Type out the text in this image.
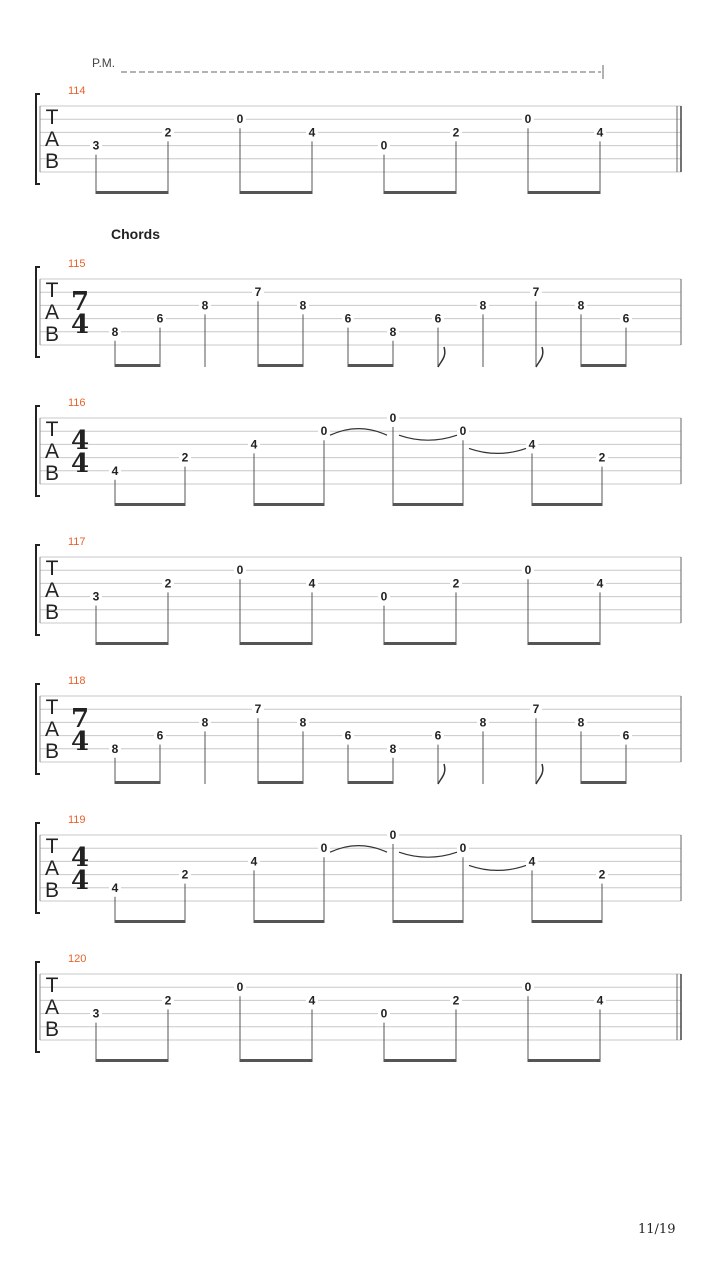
P.M.
Chords
T
A
B
114
3
2
0
4
0
2
0
4
T
A
B
115
7
4 8
6
8
7
8
6
8
6
8
7
8
6
T
A
B
116
4
4 4
2
4
0
0
0
4
2
T
A
B
117
3
2
0
4
0
2
0
4
T
A
B
118
7
4 8
6
8
7
8
6
8
6
8
7
8
6
T
A
B
119
4
4 4
2
4
0
0
0
4
2
T
A
B
120
3
2
0
4
0
2
0
4
11/19
